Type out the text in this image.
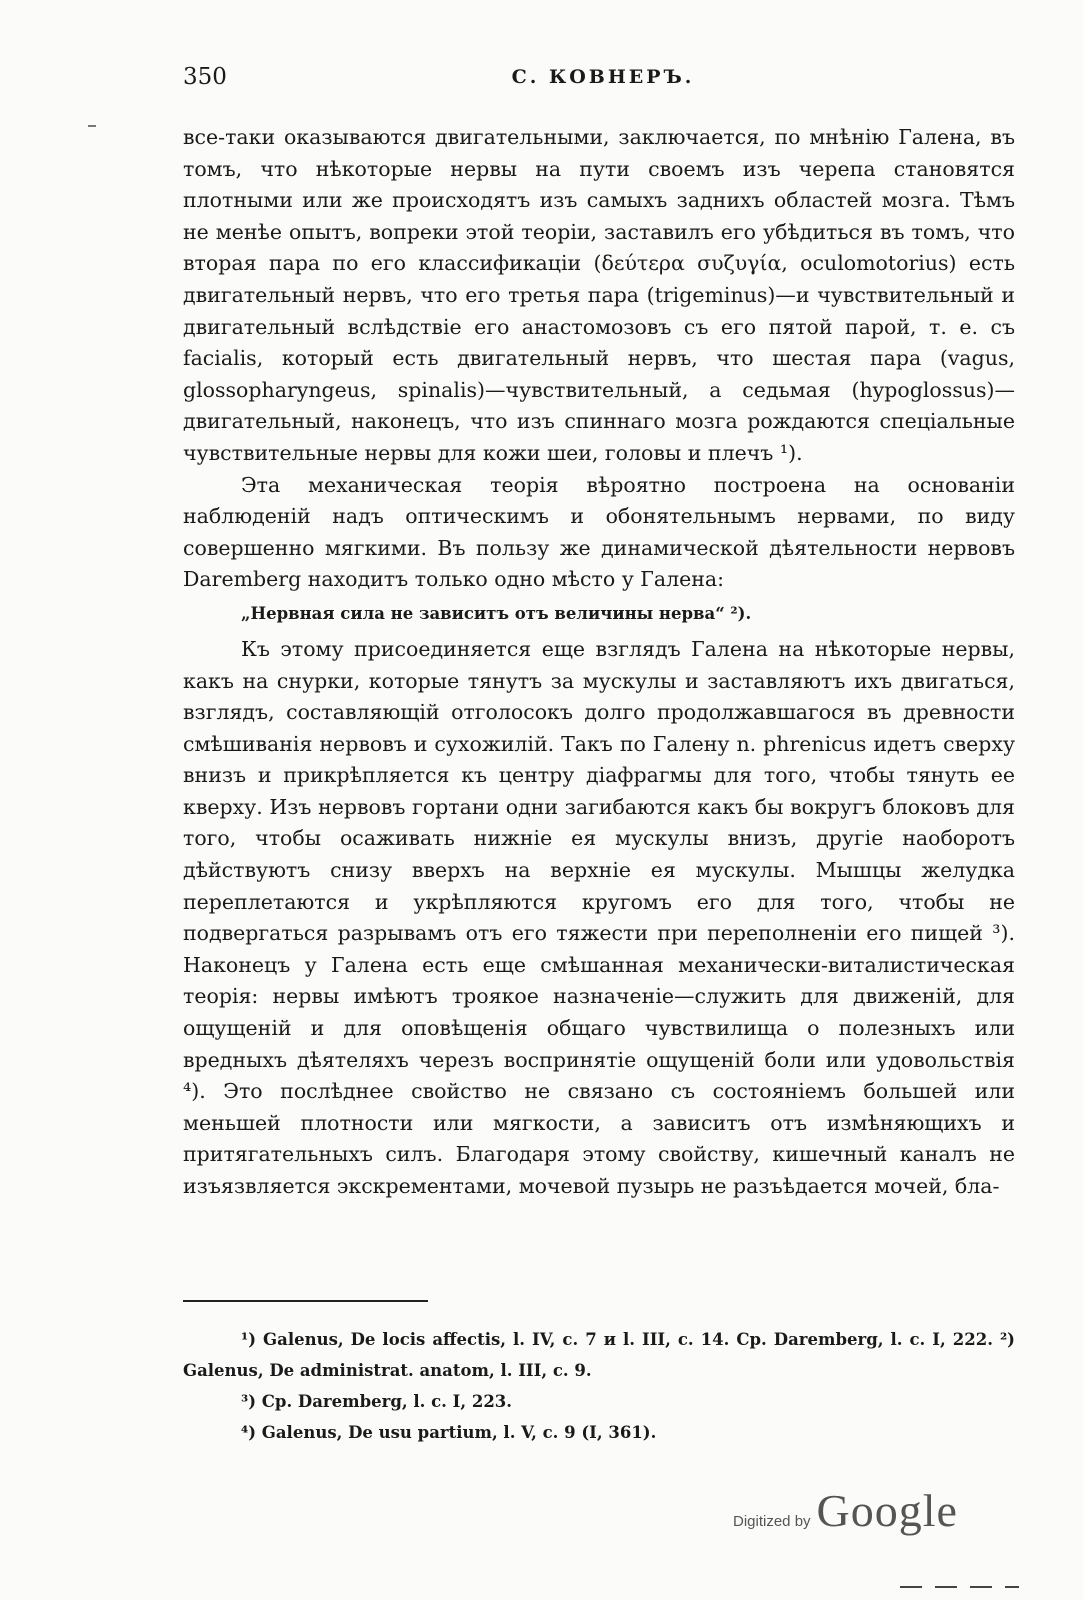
350	С. КОВНЕРЪ.

все-таки оказываются двигательными, заключается, по мнѣнію Галена, въ томъ, что нѣкоторые нервы на пути своемъ изъ черепа становятся плотными или же происходятъ изъ самыхъ заднихъ областей мозга. Тѣмъ не менѣе опытъ, вопреки этой теоріи, заставилъ его убѣдиться въ томъ, что вторая пара по его классификаціи (δεύτερα συζυγία, oculomotorius) есть двигательный нервъ, что его третья пара (trigeminus)—и чувствительный и двигательный вслѣдствіе его анастомозовъ съ его пятой парой, т. е. съ facialis, который есть двигательный нервъ, что шестая пара (vagus, glossopharyngeus, spinalis)—чувствительный, а седьмая (hypoglossus)—двигательный, наконецъ, что изъ спиннаго мозга рождаются спеціальные чувствительные нервы для кожи шеи, головы и плечъ ¹).

Эта механическая теорія вѣроятно построена на основаніи наблюденій надъ оптическимъ и обонятельнымъ нервами, по виду совершенно мягкими. Въ пользу же динамической дѣятельности нервовъ Daremberg находитъ только одно мѣсто у Галена:

„Нервная сила не зависитъ отъ величины нерва“ ²).

Къ этому присоединяется еще взглядъ Галена на нѣкоторые нервы, какъ на снурки, которые тянутъ за мускулы и заставляютъ ихъ двигаться, взглядъ, составляющій отголосокъ долго продолжавшагося въ древности смѣшиванія нервовъ и сухожилій. Такъ по Галену n. phrenicus идетъ сверху внизъ и прикрѣпляется къ центру діафрагмы для того, чтобы тянуть ее кверху. Изъ нервовъ гортани одни загибаются какъ бы вокругъ блоковъ для того, чтобы осаживать нижніе ея мускулы внизъ, другіе наоборотъ дѣйствуютъ снизу вверхъ на верхніе ея мускулы. Мышцы желудка переплетаются и укрѣпляются кругомъ его для того, чтобы не подвергаться разрывамъ отъ его тяжести при переполненіи его пищей ³). Наконецъ у Галена есть еще смѣшанная механически-виталистическая теорія: нервы имѣютъ троякое назначеніе—служить для движеній, для ощущеній и для оповѣщенія общаго чувствилища о полезныхъ или вредныхъ дѣятеляхъ черезъ воспринятіе ощущеній боли или удовольствія ⁴). Это послѣднее свойство не связано съ состояніемъ большей или меньшей плотности или мягкости, а зависитъ отъ измѣняющихъ и притягательныхъ силъ. Благодаря этому свойству, кишечный каналъ не изъязвляется экскрементами, мочевой пузырь не разъѣдается мочей, бла-

¹) Galenus, De locis affectis, l. IV, c. 7 и l. III, c. 14. Cp. Daremberg, l. c. I, 222. ²) Galenus, De administrat. anatom, l. III, c. 9.

³) Cp. Daremberg, l. c. I, 223.

⁴) Galenus, De usu partium, l. V, c. 9 (I, 361).

Digitized by Google
